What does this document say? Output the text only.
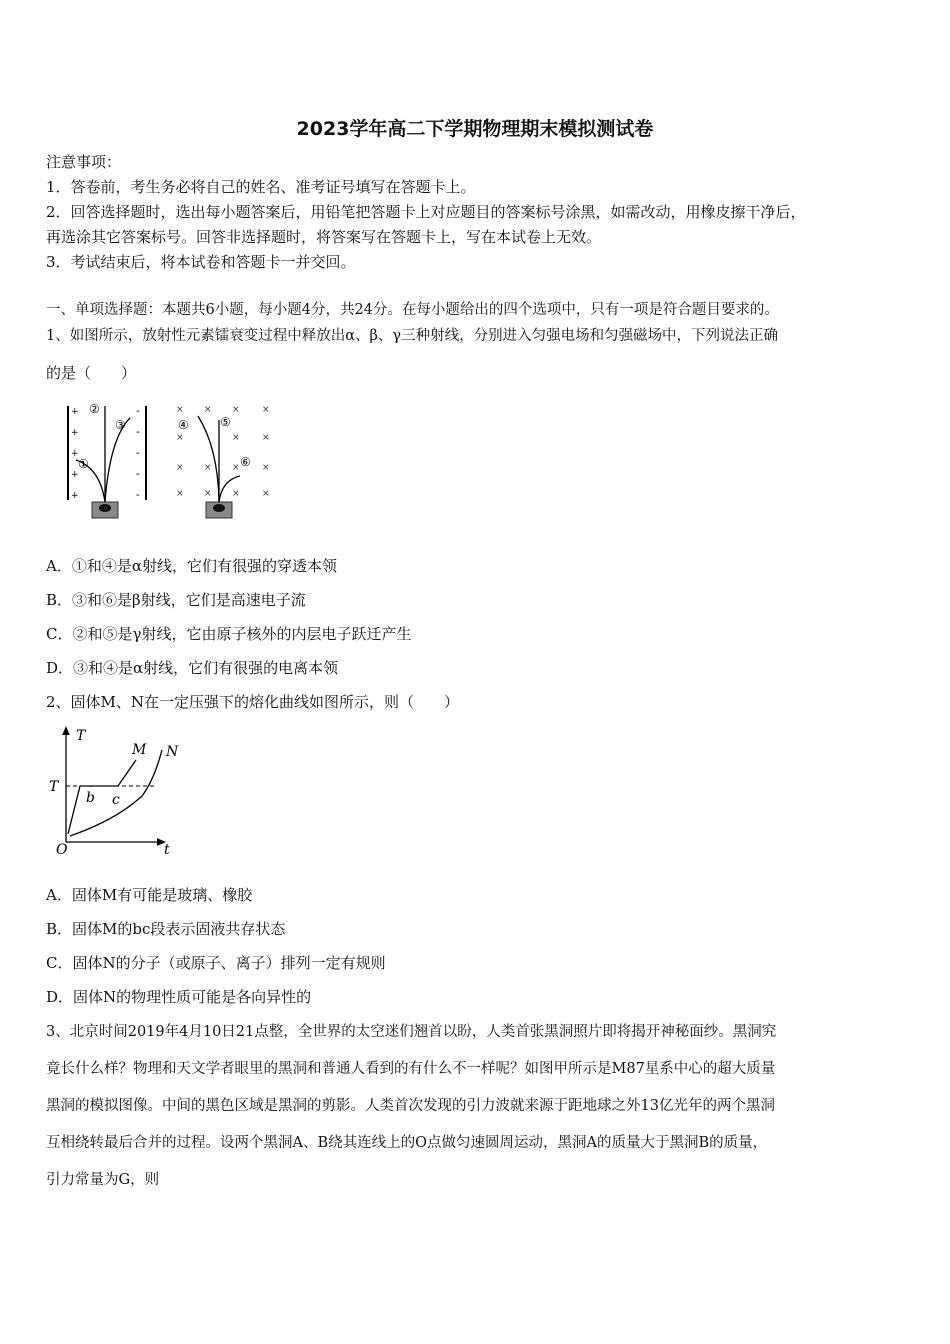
2023学年高二下学期物理期末模拟测试卷
注意事项：
1．答卷前，考生务必将自己的姓名、准考证号填写在答题卡上。
2．回答选择题时，选出每小题答案后，用铅笔把答题卡上对应题目的答案标号涂黑，如需改动，用橡皮擦干净后，
再选涂其它答案标号。回答非选择题时，将答案写在答题卡上，写在本试卷上无效。
3．考试结束后，将本试卷和答题卡一并交回。
一、单项选择题：本题共6小题，每小题4分，共24分。在每小题给出的四个选项中，只有一项是符合题目要求的。
1、如图所示，放射性元素镭衰变过程中释放出α、β、γ三种射线，分别进入匀强电场和匀强磁场中，下列说法正确
的是（　　）
+
+
+
+
+
-
-
-
-
-
①
②
③
× × × ×
×	× ×
× × × ×
× × × ×
④	⑤
⑥
A．①和④是α射线，它们有很强的穿透本领
B．③和⑥是β射线，它们是高速电子流
C．②和⑤是γ射线，它由原子核外的内层电子跃迁产生
D．③和④是α射线，它们有很强的电离本领
2、固体M、N在一定压强下的熔化曲线如图所示，则（　　）
T
t
O
T
M N
b c
A．固体M有可能是玻璃、橡胶
B．固体M的bc段表示固液共存状态
C．固体N的分子（或原子、离子）排列一定有规则
D．固体N的物理性质可能是各向异性的
3、北京时间2019年4月10日21点整，全世界的太空迷们翘首以盼，人类首张黑洞照片即将揭开神秘面纱。黑洞究
竟长什么样？物理和天文学者眼里的黑洞和普通人看到的有什么不一样呢？如图甲所示是M87星系中心的超大质量
黑洞的模拟图像。中间的黑色区域是黑洞的剪影。人类首次发现的引力波就来源于距地球之外13亿光年的两个黑洞
互相绕转最后合并的过程。设两个黑洞A、B绕其连线上的O点做匀速圆周运动，黑洞A的质量大于黑洞B的质量，
引力常量为G，则
